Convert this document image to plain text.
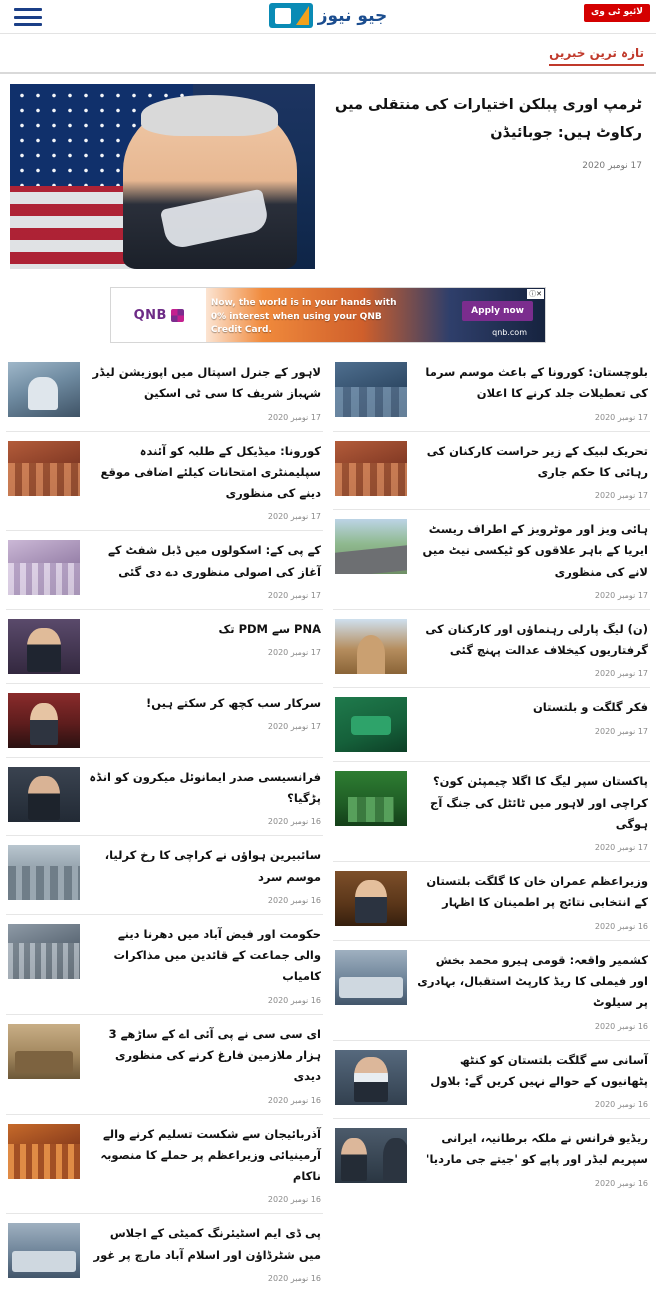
لائیو ٹی وی
جیو نیوز
تازہ ترین خبریں
ٹرمپ اوری پبلکن اختیارات کی منتقلی میں رکاوٹ ہیں: جوبائیڈن
17 نومبر 2020
QNB
Now, the world is in your hands with 0% interest when using your QNB Credit Card.
Apply now
qnb.com
ⓘ✕
بلوچستان: کورونا کے باعث موسم سرما کی تعطیلات جلد کرنے کا اعلان
17 نومبر 2020
تحریک لبیک کے زیر حراست کارکنان کی رہائی کا حکم جاری
17 نومبر 2020
ہائی ویز اور موٹرویز کے اطراف ریسٹ ایریا کے باہر علاقوں کو ٹیکسی نیٹ میں لانے کی منظوری
17 نومبر 2020
(ن) لیگ پارلی رہنماؤں اور کارکنان کی گرفتاریوں کیخلاف عدالت پہنچ گئی
17 نومبر 2020
فکر گلگت و بلتستان
17 نومبر 2020
پاکستان سپر لیگ کا اگلا چیمپئن کون؟ کراچی اور لاہور میں ٹائٹل کی جنگ آج ہوگی
17 نومبر 2020
وزیراعظم عمران خان کا گلگت بلتستان کے انتخابی نتائج پر اطمینان کا اظہار
16 نومبر 2020
کشمیر واقعہ: قومی ہیرو محمد بخش اور فیملی کا ریڈ کارپٹ استقبال، بہادری پر سیلوٹ
16 نومبر 2020
آسانی سے گلگت بلتستان کو کنٹھ پٹھانیوں کے حوالے نہیں کریں گے: بلاول
16 نومبر 2020
ریڈیو فرانس نے ملکہ برطانیہ، ایرانی سپریم لیڈر اور پاپے کو 'جیتے جی ماردیا'
16 نومبر 2020
لاہور کے جنرل اسپتال میں اپوزیشن لیڈر شہباز شریف کا سی ٹی اسکین
17 نومبر 2020
کورونا: میڈیکل کے طلبہ کو آئندہ سپلیمنٹری امتحانات کیلئے اضافی موقع دینے کی منظوری
17 نومبر 2020
کے پی کے: اسکولوں میں ڈبل شفٹ کے آغاز کی اصولی منظوری دے دی گئی
17 نومبر 2020
PNA سے PDM تک
17 نومبر 2020
سرکار سب کچھ کر سکتے ہیں!
17 نومبر 2020
فرانسیسی صدر ایمانوئل میکرون کو انڈہ پڑگیا؟
16 نومبر 2020
سائبیرین ہواؤں نے کراچی کا رخ کرلیا، موسم سرد
16 نومبر 2020
حکومت اور فیض آباد میں دھرنا دینے والی جماعت کے قائدین میں مذاکرات کامیاب
16 نومبر 2020
ای سی سی نے پی آئی اے کے ساڑھے 3 ہزار ملازمین فارغ کرنے کی منظوری دیدی
16 نومبر 2020
آذربائیجان سے شکست تسلیم کرنے والے آرمینیائی وزیراعظم پر حملے کا منصوبہ ناکام
16 نومبر 2020
پی ڈی ایم اسٹیئرنگ کمیٹی کے اجلاس میں شٹرڈاؤن اور اسلام آباد مارچ پر غور
16 نومبر 2020
